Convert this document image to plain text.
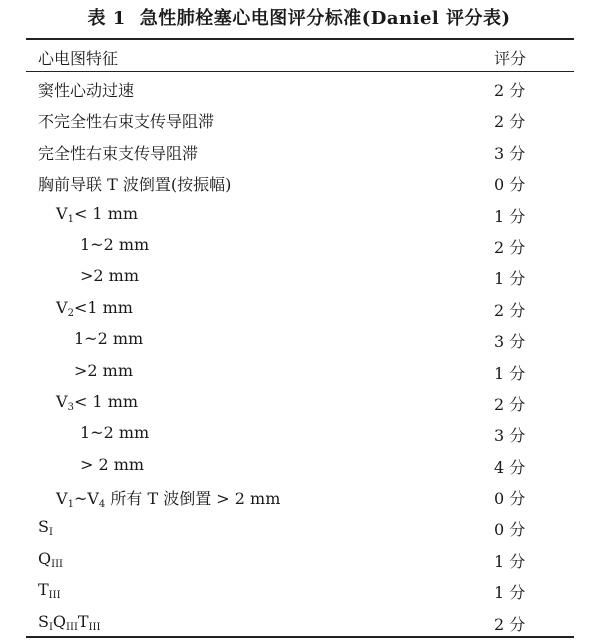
表 1 急性肺栓塞心电图评分标准(Daniel 评分表)
心电图特征	评分
窦性心动过速	2 分
不完全性右束支传导阻滞	2 分
完全性右束支传导阻滞	3 分
胸前导联 T 波倒置(按振幅)	0 分
$V_1< 1$ mm	1 分
1~2 mm	2 分
>2 mm	1 分
$V_2<1$ mm	2 分
1~2 mm	3 分
>2 mm	1 分
$V_3< 1$ mm	2 分
1~2 mm	3 分
> 2 mm	4 分
$V_1\sim V_4$ 所有 T 波倒置 > 2 mm	0 分
$S_I$	0 分
$Q_{III}$	1 分
$T_{III}$	1 分
$S_IQ_{III}T_{III}$	2 分
